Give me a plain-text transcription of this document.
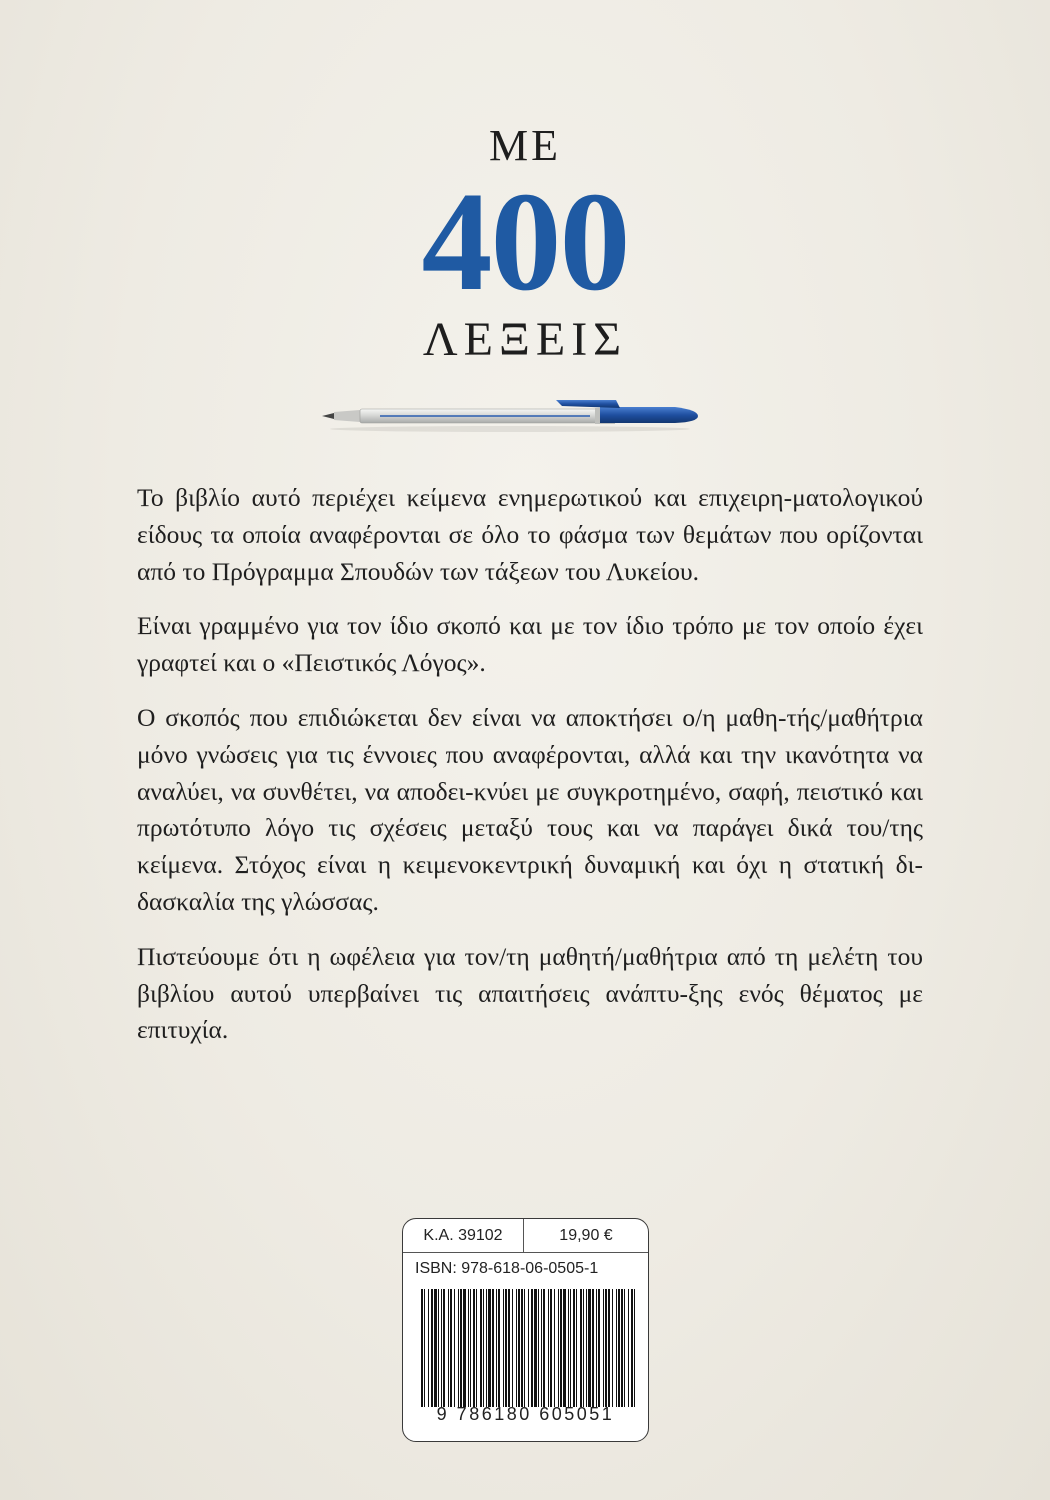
ΜΕ
400
ΛΕΞΕΙΣ

Το βιβλίο αυτό περιέχει κείμενα ενημερωτικού και επιχειρη-ματολογικού είδους τα οποία αναφέρονται σε όλο το φάσμα των θεμάτων που ορίζονται από το Πρόγραμμα Σπουδών των τάξεων του Λυκείου.

Είναι γραμμένο για τον ίδιο σκοπό και με τον ίδιο τρόπο με τον οποίο έχει γραφτεί και ο «Πειστικός Λόγος».

Ο σκοπός που επιδιώκεται δεν είναι να αποκτήσει ο/η μαθη-τής/μαθήτρια μόνο γνώσεις για τις έννοιες που αναφέρονται, αλλά και την ικανότητα να αναλύει, να συνθέτει, να αποδει-κνύει με συγκροτημένο, σαφή, πειστικό και πρωτότυπο λόγο τις σχέσεις μεταξύ τους και να παράγει δικά του/της κείμενα. Στόχος είναι η κειμενοκεντρική δυναμική και όχι η στατική δι-δασκαλία της γλώσσας.

Πιστεύουμε ότι η ωφέλεια για τον/τη μαθητή/μαθήτρια από τη μελέτη του βιβλίου αυτού υπερβαίνει τις απαιτήσεις ανάπτυ-ξης ενός θέματος με επιτυχία.

Κ.Α. 39102	19,90 €
ISBN: 978-618-06-0505-1
9 786180 605051
